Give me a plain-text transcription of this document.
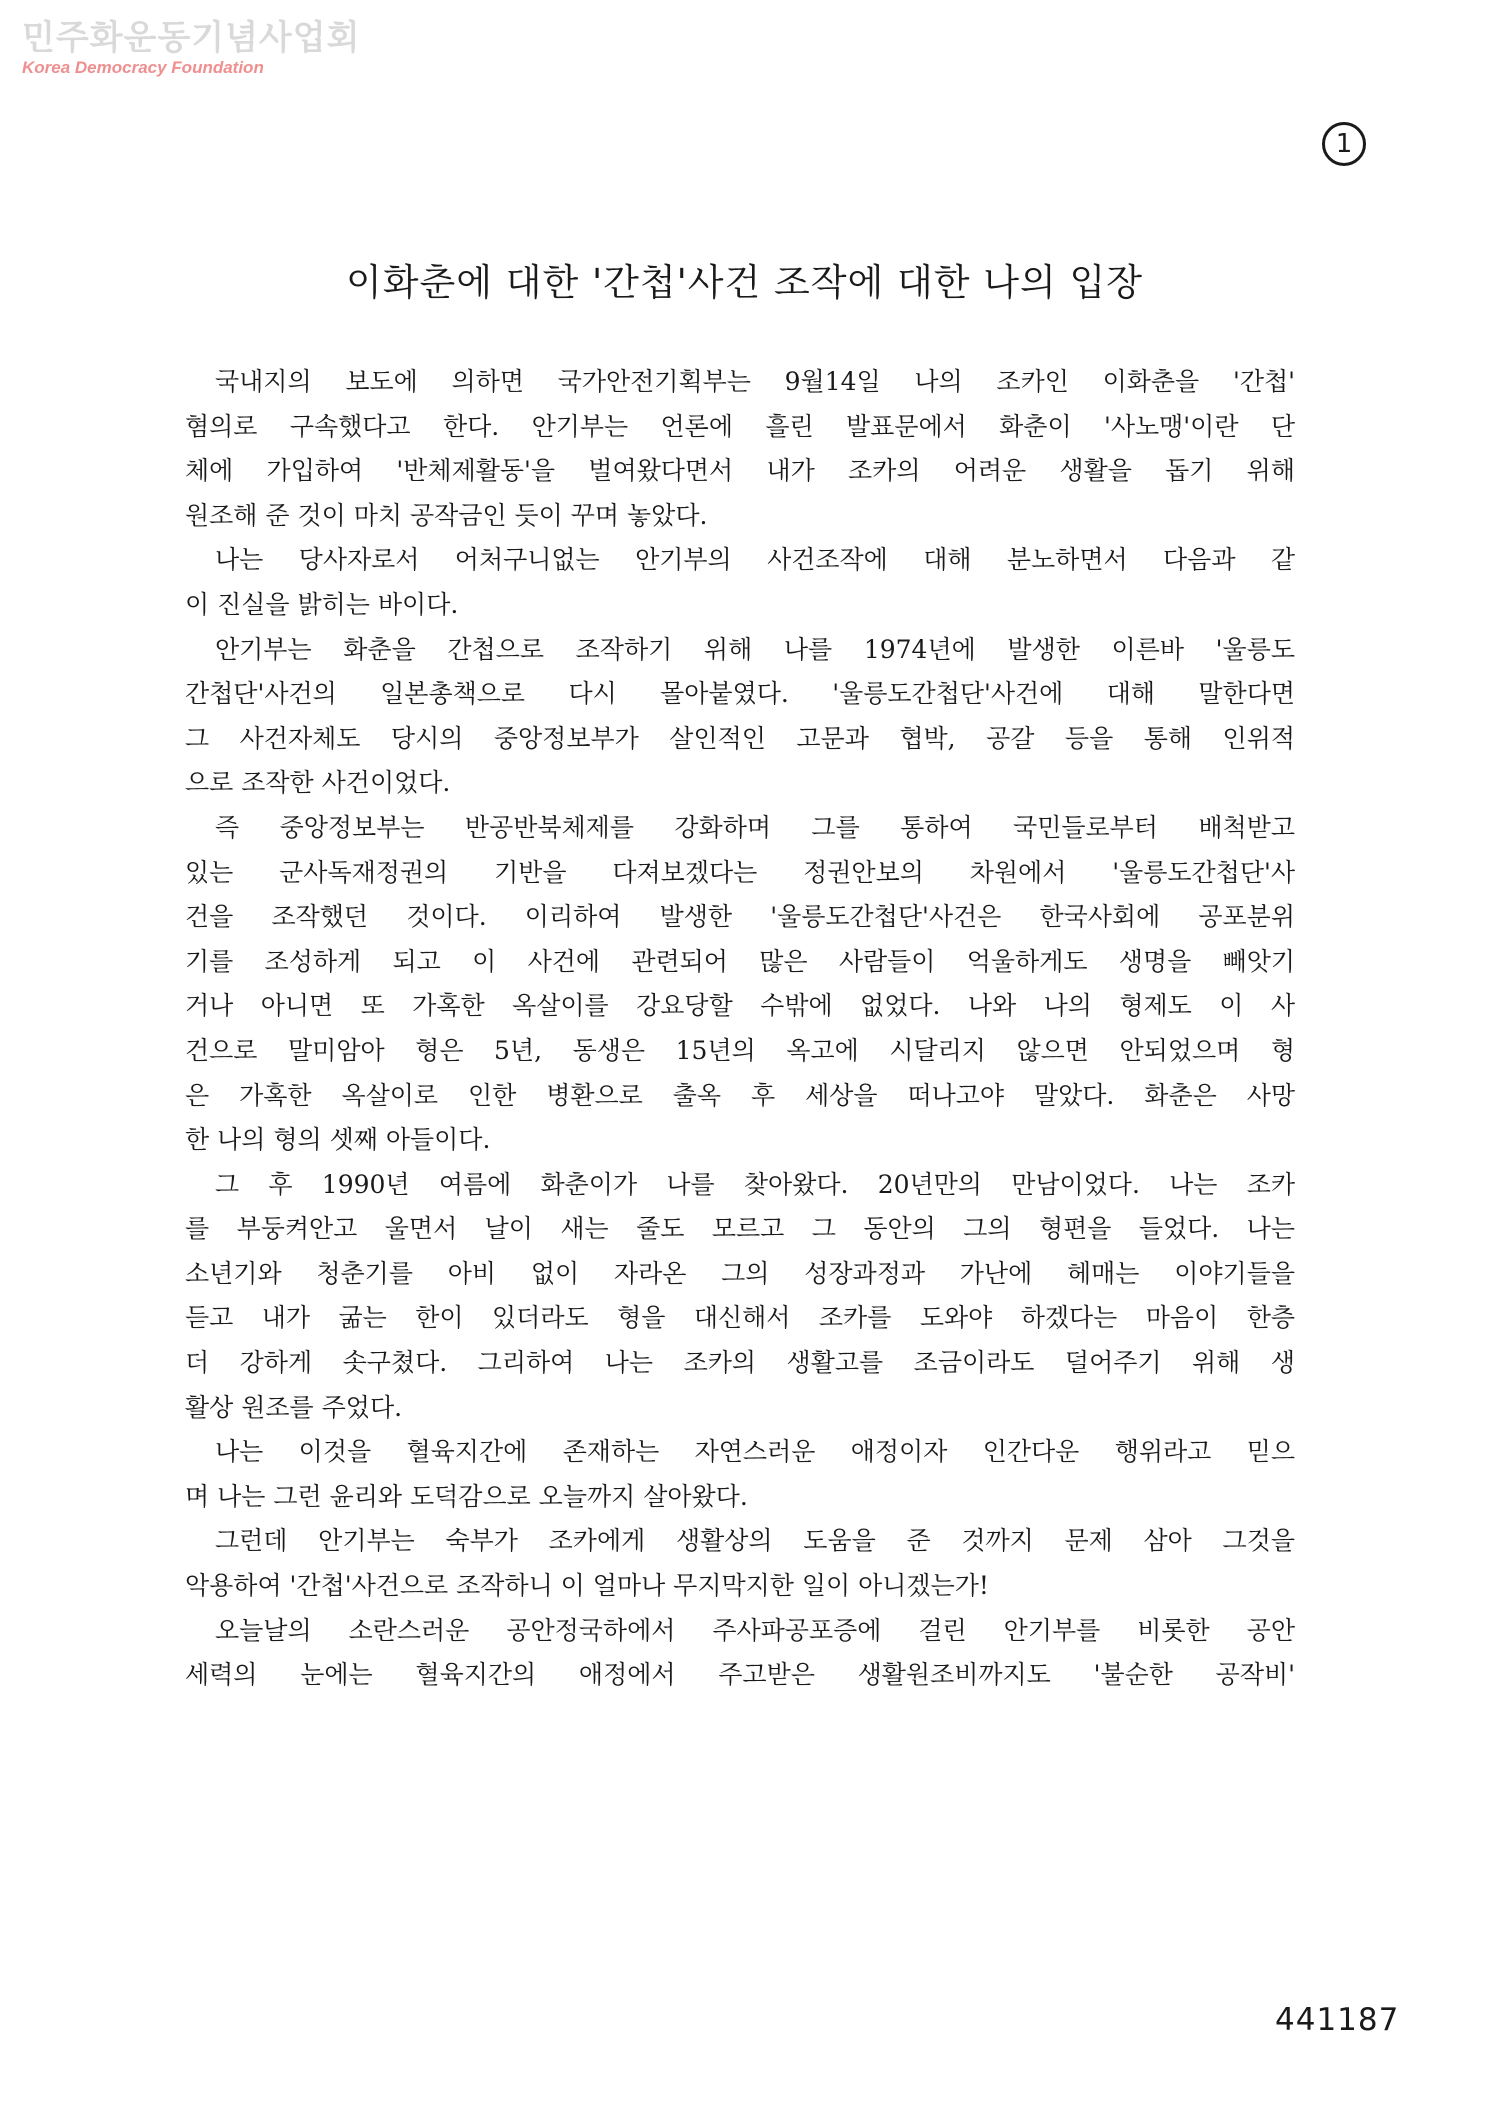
민주화운동기념사업회
Korea Democracy Foundation
1
이화춘에 대한 '간첩'사건 조작에 대한 나의 입장
국내지의 보도에 의하면 국가안전기획부는 9월14일 나의 조카인 이화춘을 '간첩'
혐의로 구속했다고 한다. 안기부는 언론에 흘린 발표문에서 화춘이 '사노맹'이란 단
체에 가입하여 '반체제활동'을 벌여왔다면서 내가 조카의 어려운 생활을 돕기 위해
원조해 준 것이 마치 공작금인 듯이 꾸며 놓았다.
나는 당사자로서 어처구니없는 안기부의 사건조작에 대해 분노하면서 다음과 같
이 진실을 밝히는 바이다.
안기부는 화춘을 간첩으로 조작하기 위해 나를 1974년에 발생한 이른바 '울릉도
간첩단'사건의 일본총책으로 다시 몰아붙였다. '울릉도간첩단'사건에 대해 말한다면
그 사건자체도 당시의 중앙정보부가 살인적인 고문과 협박, 공갈 등을 통해 인위적
으로 조작한 사건이었다.
즉 중앙정보부는 반공반북체제를 강화하며 그를 통하여 국민들로부터 배척받고
있는 군사독재정권의 기반을 다져보겠다는 정권안보의 차원에서 '울릉도간첩단'사
건을 조작했던 것이다. 이리하여 발생한 '울릉도간첩단'사건은 한국사회에 공포분위
기를 조성하게 되고 이 사건에 관련되어 많은 사람들이 억울하게도 생명을 빼앗기
거나 아니면 또 가혹한 옥살이를 강요당할 수밖에 없었다. 나와 나의 형제도 이 사
건으로 말미암아 형은 5년, 동생은 15년의 옥고에 시달리지 않으면 안되었으며 형
은 가혹한 옥살이로 인한 병환으로 출옥 후 세상을 떠나고야 말았다. 화춘은 사망
한 나의 형의 셋째 아들이다.
그 후 1990년 여름에 화춘이가 나를 찾아왔다. 20년만의 만남이었다. 나는 조카
를 부둥켜안고 울면서 날이 새는 줄도 모르고 그 동안의 그의 형편을 들었다. 나는
소년기와 청춘기를 아비 없이 자라온 그의 성장과정과 가난에 헤매는 이야기들을
듣고 내가 굶는 한이 있더라도 형을 대신해서 조카를 도와야 하겠다는 마음이 한층
더 강하게 솟구쳤다. 그리하여 나는 조카의 생활고를 조금이라도 덜어주기 위해 생
활상 원조를 주었다.
나는 이것을 혈육지간에 존재하는 자연스러운 애정이자 인간다운 행위라고 믿으
며 나는 그런 윤리와 도덕감으로 오늘까지 살아왔다.
그런데 안기부는 숙부가 조카에게 생활상의 도움을 준 것까지 문제 삼아 그것을
악용하여 '간첩'사건으로 조작하니 이 얼마나 무지막지한 일이 아니겠는가!
오늘날의 소란스러운 공안정국하에서 주사파공포증에 걸린 안기부를 비롯한 공안
세력의 눈에는 혈육지간의 애정에서 주고받은 생활원조비까지도 '불순한 공작비'
441187
